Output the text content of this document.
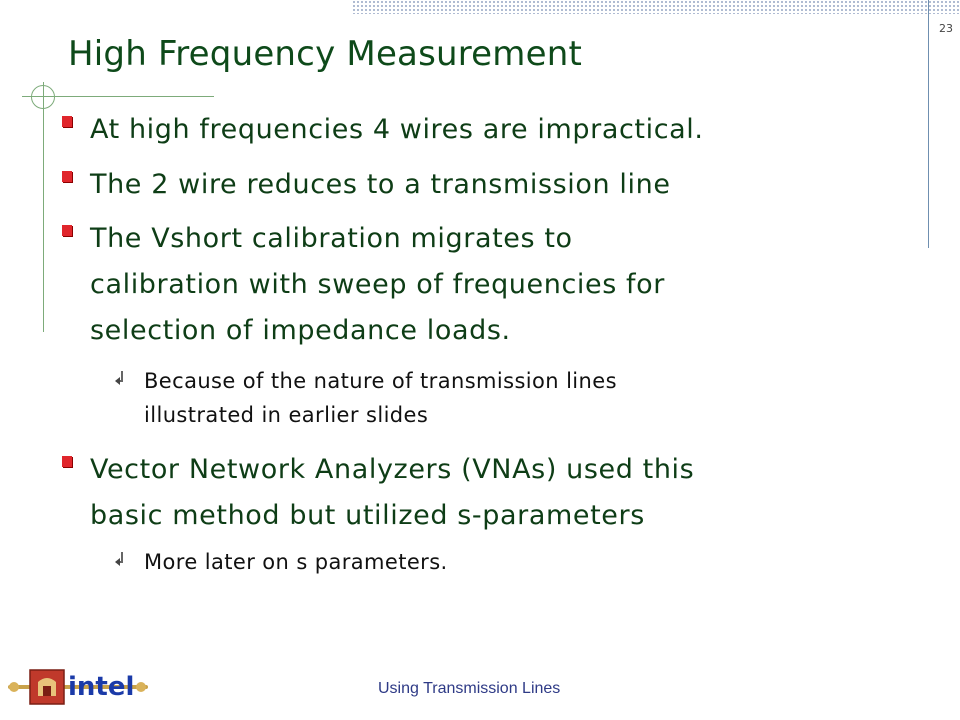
23
High Frequency Measurement
At high frequencies 4 wires are impractical.
The 2 wire reduces to a transmission line
The Vshort calibration migrates to
calibration with sweep of frequencies for
selection of impedance loads.
Because of the nature of transmission lines
illustrated in earlier slides
Vector Network Analyzers (VNAs) used this
basic method but utilized s-parameters
More later on s parameters.
intel	Using Transmission Lines
